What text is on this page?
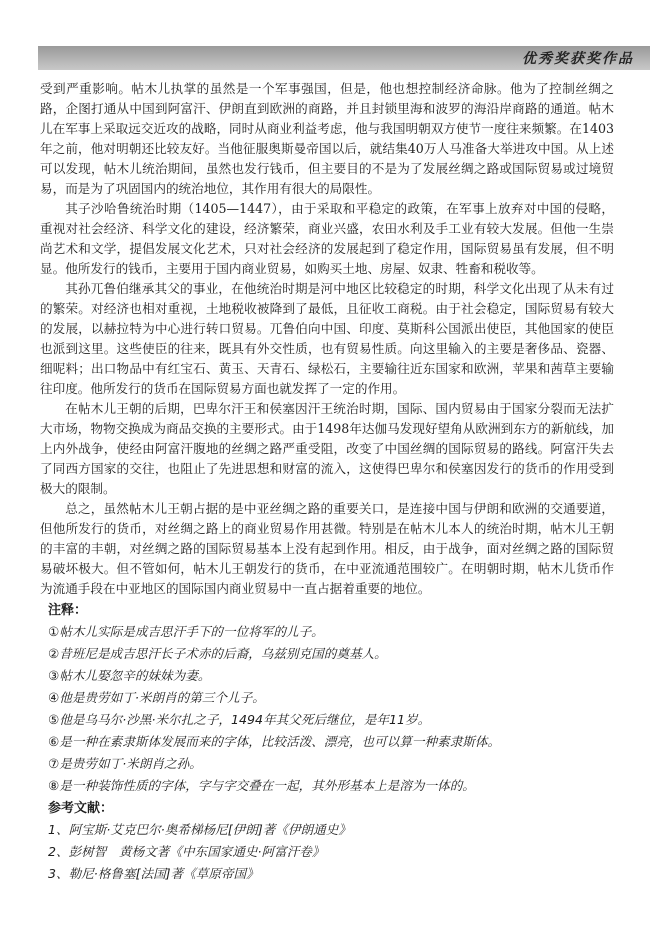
优秀奖获奖作品

受到严重影响。帖木儿执掌的虽然是一个军事强国，但是，他也想控制经济命脉。他为了控制丝绸之路，企图打通从中国到阿富汗、伊朗直到欧洲的商路，并且封锁里海和波罗的海沿岸商路的通道。帖木儿在军事上采取远交近攻的战略，同时从商业利益考虑，他与我国明朝双方使节一度往来频繁。在1403年之前，他对明朝还比较友好。当他征服奥斯曼帝国以后，就结集40万人马准备大举进攻中国。从上述可以发现，帖木儿统治期间，虽然也发行钱币，但主要目的不是为了发展丝绸之路或国际贸易或过境贸易，而是为了巩固国内的统治地位，其作用有很大的局限性。

其子沙哈鲁统治时期（1405—1447），由于采取和平稳定的政策，在军事上放弃对中国的侵略，重视对社会经济、科学文化的建设，经济繁荣，商业兴盛，农田水利及手工业有较大发展。但他一生崇尚艺术和文学，提倡发展文化艺术，只对社会经济的发展起到了稳定作用，国际贸易虽有发展，但不明显。他所发行的钱币，主要用于国内商业贸易，如购买土地、房屋、奴隶、牲畜和税收等。

其孙兀鲁伯继承其父的事业，在他统治时期是河中地区比较稳定的时期，科学文化出现了从未有过的繁荣。对经济也相对重视，土地税收被降到了最低，且征收工商税。由于社会稳定，国际贸易有较大的发展，以赫拉特为中心进行转口贸易。兀鲁伯向中国、印度、莫斯科公国派出使臣，其他国家的使臣也派到这里。这些使臣的往来，既具有外交性质，也有贸易性质。向这里输入的主要是奢侈品、瓷器、细呢料；出口物品中有红宝石、黄玉、天青石、绿松石，主要输往近东国家和欧洲，苹果和茜草主要输往印度。他所发行的货币在国际贸易方面也就发挥了一定的作用。

在帖木儿王朝的后期，巴卑尔汗王和侯塞因汗王统治时期，国际、国内贸易由于国家分裂而无法扩大市场，物物交换成为商品交换的主要形式。由于1498年达伽马发现好望角从欧洲到东方的新航线，加上内外战争，使经由阿富汗腹地的丝绸之路严重受阻，改变了中国丝绸的国际贸易的路线。阿富汗失去了同西方国家的交往，也阻止了先进思想和财富的流入，这使得巴卑尔和侯塞因发行的货币的作用受到极大的限制。

总之，虽然帖木儿王朝占据的是中亚丝绸之路的重要关口，是连接中国与伊朗和欧洲的交通要道，但他所发行的货币，对丝绸之路上的商业贸易作用甚微。特别是在帖木儿本人的统治时期，帖木儿王朝的丰富的丰朝，对丝绸之路的国际贸易基本上没有起到作用。相反，由于战争，面对丝绸之路的国际贸易破坏极大。但不管如何，帖木儿王朝发行的货币，在中亚流通范围较广。在明朝时期，帖木儿货币作为流通手段在中亚地区的国际国内商业贸易中一直占据着重要的地位。

注释：
①帖木儿实际是成吉思汗手下的一位将军的儿子。
②昔班尼是成吉思汗长子术赤的后裔，乌兹别克国的奠基人。
③帖木儿娶忽辛的妹妹为妻。
④他是贵劳如丁·米朗肖的第三个儿子。
⑤他是乌马尔·沙黑·米尔扎之子，1494年其父死后继位，是年11岁。
⑥是一种在素隶斯体发展而来的字体，比较活泼、漂亮，也可以算一种素隶斯体。
⑦是贵劳如丁·米朗肖之孙。
⑧是一种装饰性质的字体，字与字交叠在一起，其外形基本上是溶为一体的。
参考文献：
1、阿宝斯·艾克巴尔·奥希梯杨尼[伊朗]著《伊朗通史》
2、彭树智　黄杨文著《中东国家通史·阿富汗卷》
3、勒尼·格鲁塞[法国]著《草原帝国》
